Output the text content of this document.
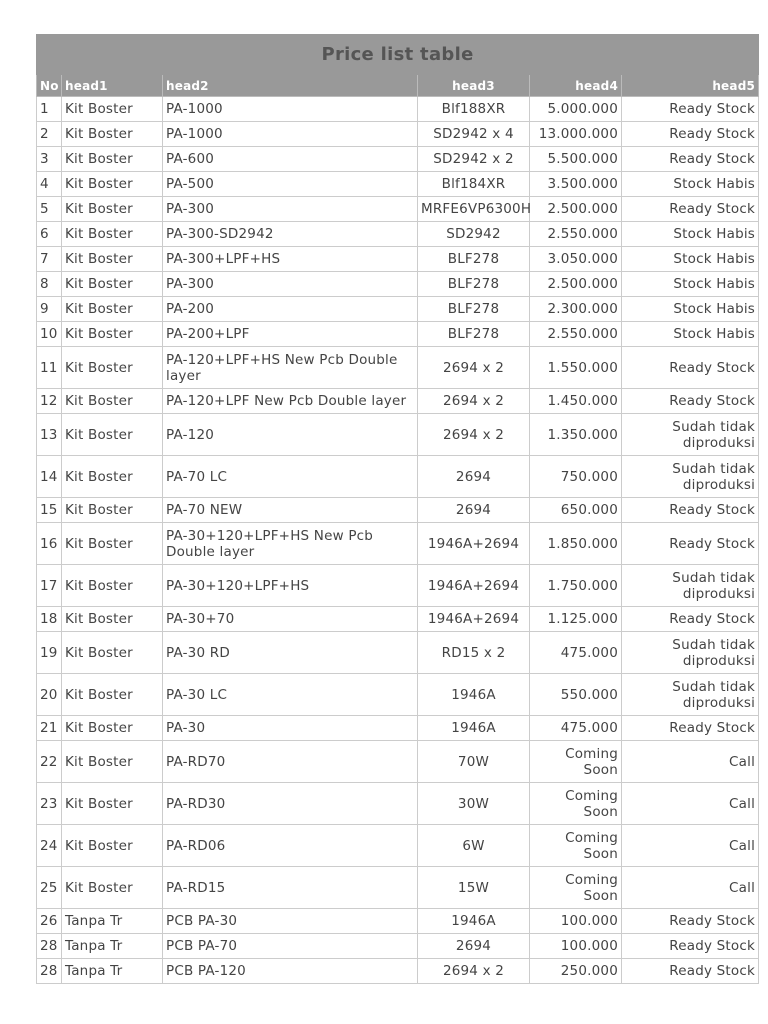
Price list table					
No	head1	head2	head3	head4	head5
1	Kit Boster	PA-1000	Blf188XR	5.000.000	Ready Stock
2	Kit Boster	PA-1000	SD2942 x 4	13.000.000	Ready Stock
3	Kit Boster	PA-600	SD2942 x 2	5.500.000	Ready Stock
4	Kit Boster	PA-500	Blf184XR	3.500.000	Stock Habis
5	Kit Boster	PA-300	MRFE6VP6300H	2.500.000	Ready Stock
6	Kit Boster	PA-300-SD2942	SD2942	2.550.000	Stock Habis
7	Kit Boster	PA-300+LPF+HS	BLF278	3.050.000	Stock Habis
8	Kit Boster	PA-300	BLF278	2.500.000	Stock Habis
9	Kit Boster	PA-200	BLF278	2.300.000	Stock Habis
10	Kit Boster	PA-200+LPF	BLF278	2.550.000	Stock Habis
11	Kit Boster	PA-120+LPF+HS New Pcb Double layer	2694 x 2	1.550.000	Ready Stock
12	Kit Boster	PA-120+LPF New Pcb Double layer	2694 x 2	1.450.000	Ready Stock
13	Kit Boster	PA-120	2694 x 2	1.350.000	Sudah tidak diproduksi
14	Kit Boster	PA-70 LC	2694	750.000	Sudah tidak diproduksi
15	Kit Boster	PA-70 NEW	2694	650.000	Ready Stock
16	Kit Boster	PA-30+120+LPF+HS New Pcb Double layer	1946A+2694	1.850.000	Ready Stock
17	Kit Boster	PA-30+120+LPF+HS	1946A+2694	1.750.000	Sudah tidak diproduksi
18	Kit Boster	PA-30+70	1946A+2694	1.125.000	Ready Stock
19	Kit Boster	PA-30 RD	RD15 x 2	475.000	Sudah tidak diproduksi
20	Kit Boster	PA-30 LC	1946A	550.000	Sudah tidak diproduksi
21	Kit Boster	PA-30	1946A	475.000	Ready Stock
22	Kit Boster	PA-RD70	70W	Coming Soon	Call
23	Kit Boster	PA-RD30	30W	Coming Soon	Call
24	Kit Boster	PA-RD06	6W	Coming Soon	Call
25	Kit Boster	PA-RD15	15W	Coming Soon	Call
26	Tanpa Tr	PCB PA-30	1946A	100.000	Ready Stock
28	Tanpa Tr	PCB PA-70	2694	100.000	Ready Stock
28	Tanpa Tr	PCB PA-120	2694 x 2	250.000	Ready Stock
